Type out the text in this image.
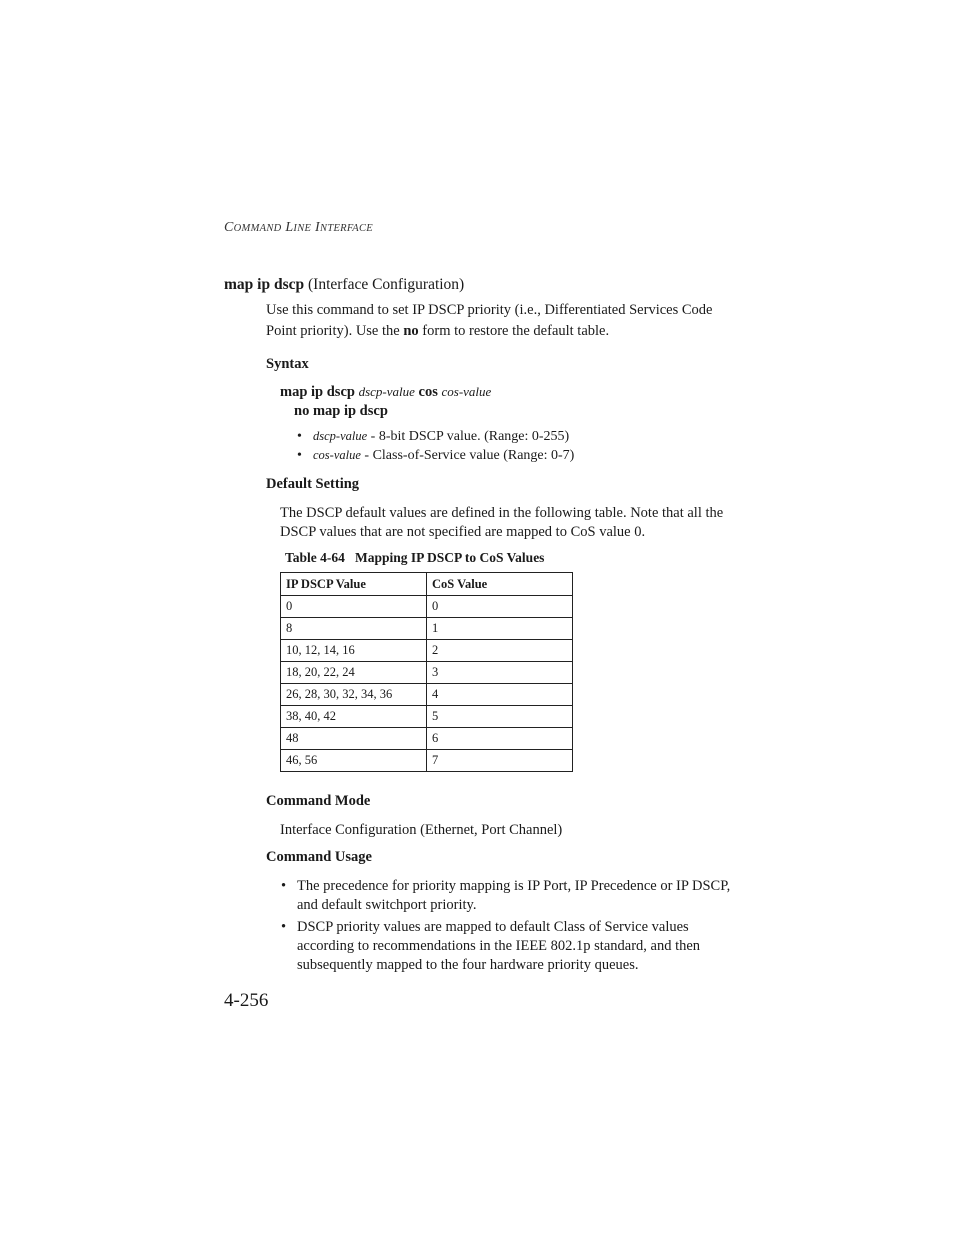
COMMAND LINE INTERFACE
map ip dscp (Interface Configuration)
Use this command to set IP DSCP priority (i.e., Differentiated Services Code Point priority). Use the no form to restore the default table.
Syntax
map ip dscp dscp-value cos cos-value
no map ip dscp
• dscp-value - 8-bit DSCP value. (Range: 0-255)
• cos-value - Class-of-Service value (Range: 0-7)
Default Setting
The DSCP default values are defined in the following table. Note that all the DSCP values that are not specified are mapped to CoS value 0.
Table 4-64   Mapping IP DSCP to CoS Values
IP DSCP Value	CoS Value
0	0
8	1
10, 12, 14, 16	2
18, 20, 22, 24	3
26, 28, 30, 32, 34, 36	4
38, 40, 42	5
48	6
46, 56	7
Command Mode
Interface Configuration (Ethernet, Port Channel)
Command Usage
• The precedence for priority mapping is IP Port, IP Precedence or IP DSCP, and default switchport priority.
• DSCP priority values are mapped to default Class of Service values according to recommendations in the IEEE 802.1p standard, and then subsequently mapped to the four hardware priority queues.
4-256
